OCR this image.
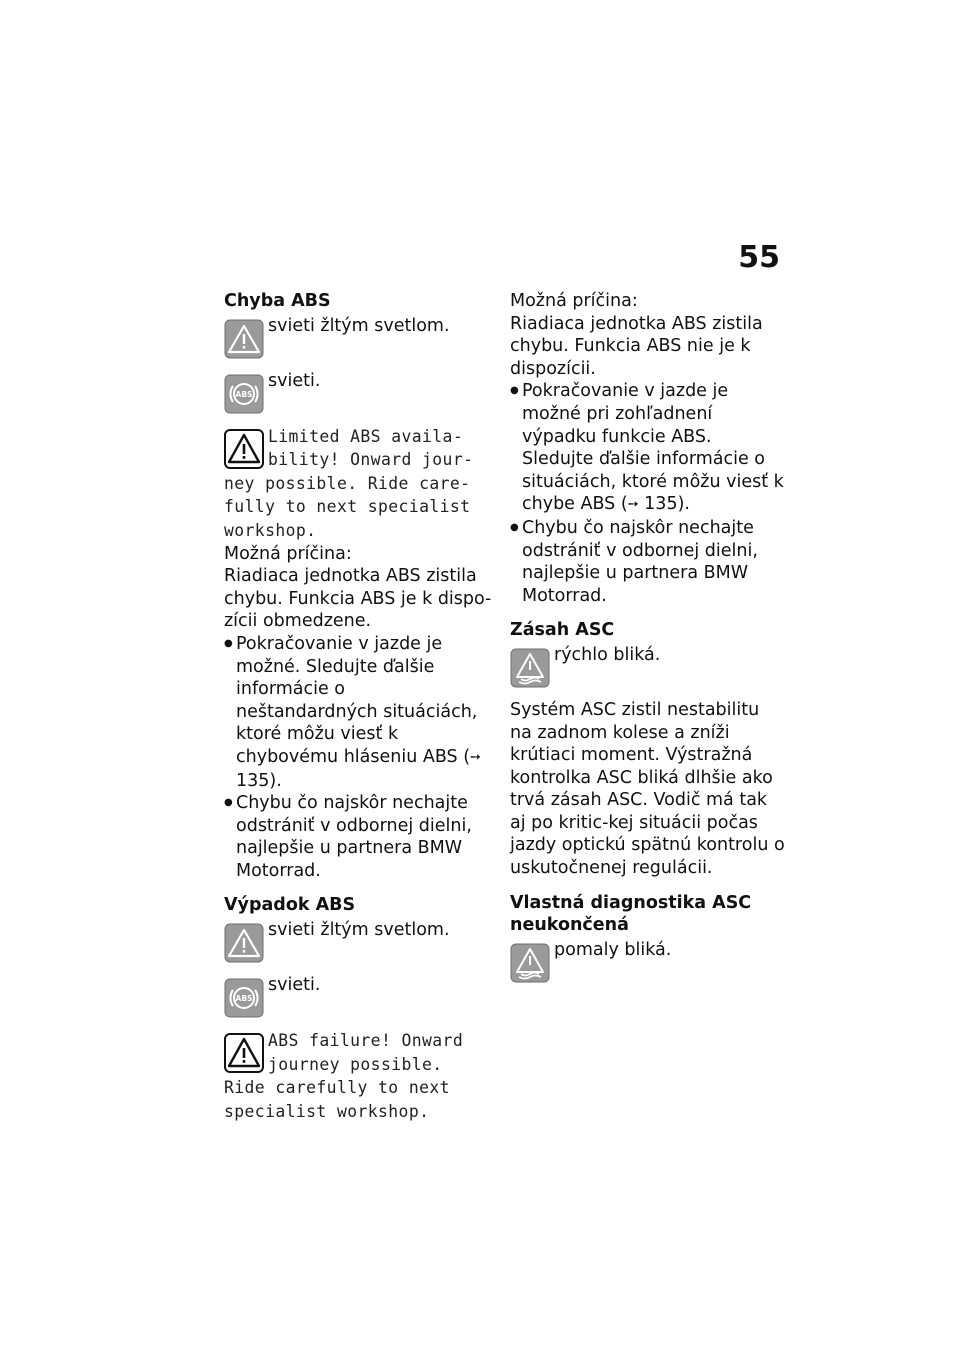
55
Chyba ABS
svieti žltým svetlom.
svieti.
Limited ABS availa-bility! Onward jour-ney possible. Ride care-fully to next specialist workshop.

Možná príčina:

Riadiaca jednotka ABS zistila chybu. Funkcia ABS je k dispo-zícii obmedzene.

● Pokračovanie v jazde je možné. Sledujte ďalšie informácie o neštandardných situáciách, ktoré môžu viesť k chybovému hláseniu ABS (➙ 135).
● Chybu čo najskôr nechajte odstrániť v odbornej dielni, najlepšie u partnera BMW Motorrad.
Výpadok ABS
svieti žltým svetlom.
svieti.
ABS failure! Onward journey possible. Ride carefully to next specialist workshop.

Možná príčina:

Riadiaca jednotka ABS zistila chybu. Funkcia ABS nie je k dispozícii.

● Pokračovanie v jazde je možné pri zohľadnení výpadku funkcie ABS. Sledujte ďalšie informácie o situáciách, ktoré môžu viesť k chybe ABS (➙ 135).
● Chybu čo najskôr nechajte odstrániť v odbornej dielni, najlepšie u partnera BMW Motorrad.
Zásah ASC
rýchlo bliká.

Systém ASC zistil nestabilitu na zadnom kolese a zníži krútiaci moment. Výstražná kontrolka ASC bliká dlhšie ako trvá zásah ASC. Vodič má tak aj po kritic-kej situácii počas jazdy optickú spätnú kontrolu o uskutočnenej regulácii.

Vlastná diagnostika ASC neukončená
pomaly bliká.
